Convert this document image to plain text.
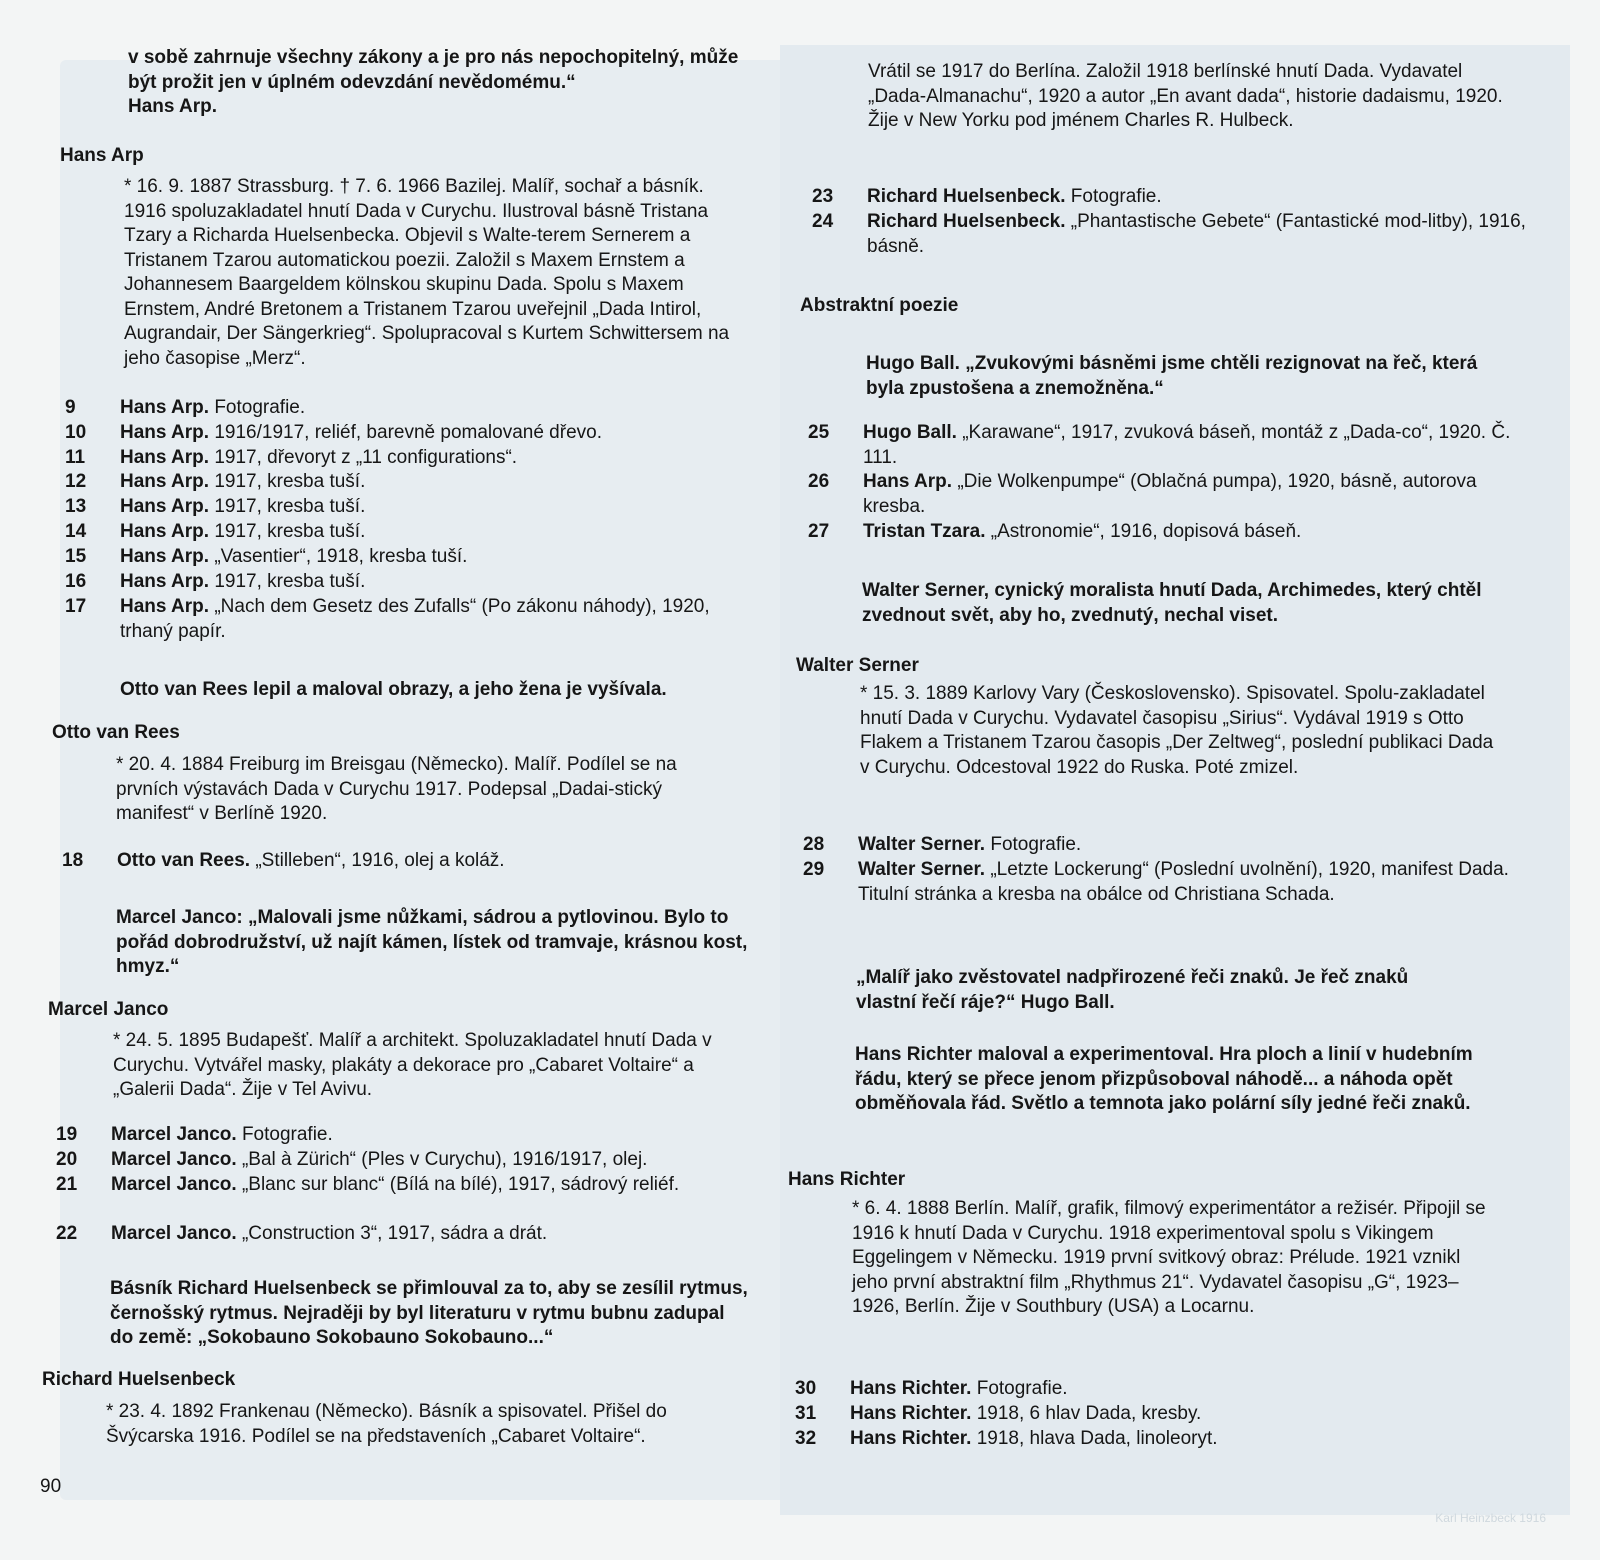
v sobě zahrnuje všechny zákony a je pro nás nepochopitelný, může být prožit jen v úplném odevzdání nevědomému.“
Hans Arp.
Hans Arp
* 16. 9. 1887 Strassburg. † 7. 6. 1966 Bazilej. Malíř, sochař a básník. 1916 spoluzakladatel hnutí Dada v Curychu. Ilustroval básně Tristana Tzary a Richarda Huelsenbecka. Objevil s Walte-terem Sernerem a Tristanem Tzarou automatickou poezii. Založil s Maxem Ernstem a Johannesem Baargeldem kölnskou skupinu Dada. Spolu s Maxem Ernstem, André Bretonem a Tristanem Tzarou uveřejnil „Dada Intirol, Augrandair, Der Sängerkrieg“. Spolupracoval s Kurtem Schwittersem na jeho časopise „Merz“.
9	Hans Arp. Fotografie.
10	Hans Arp. 1916/1917, reliéf, barevně pomalované dřevo.
11	Hans Arp. 1917, dřevoryt z „11 configurations“.
12	Hans Arp. 1917, kresba tuší.
13	Hans Arp. 1917, kresba tuší.
14	Hans Arp. 1917, kresba tuší.
15	Hans Arp. „Vasentier“, 1918, kresba tuší.
16	Hans Arp. 1917, kresba tuší.
17	Hans Arp. „Nach dem Gesetz des Zufalls“ (Po zákonu náhody), 1920, trhaný papír.
Otto van Rees lepil a maloval obrazy, a jeho žena je vyšívala.
Otto van Rees
* 20. 4. 1884 Freiburg im Breisgau (Německo). Malíř. Podílel se na prvních výstavách Dada v Curychu 1917. Podepsal „Dadai-stický manifest“ v Berlíně 1920.
18	Otto van Rees. „Stilleben“, 1916, olej a koláž.
Marcel Janco: „Malovali jsme nůžkami, sádrou a pytlovinou. Bylo to pořád dobrodružství, už najít kámen, lístek od tramvaje, krásnou kost, hmyz.“
Marcel Janco
* 24. 5. 1895 Budapešť. Malíř a architekt. Spoluzakladatel hnutí Dada v Curychu. Vytvářel masky, plakáty a dekorace pro „Cabaret Voltaire“ a „Galerii Dada“. Žije v Tel Avivu.
19	Marcel Janco. Fotografie.
20	Marcel Janco. „Bal à Zürich“ (Ples v Curychu), 1916/1917, olej.
21	Marcel Janco. „Blanc sur blanc“ (Bílá na bílé), 1917, sádrový reliéf.
22	Marcel Janco. „Construction 3“, 1917, sádra a drát.
Básník Richard Huelsenbeck se přimlouval za to, aby se zesílil rytmus, černošský rytmus. Nejraději by byl literaturu v rytmu bubnu zadupal do země: „Sokobauno Sokobauno Sokobauno...“
Richard Huelsenbeck
* 23. 4. 1892 Frankenau (Německo). Básník a spisovatel. Přišel do Švýcarska 1916. Podílel se na představeních „Cabaret Voltaire“.
Vrátil se 1917 do Berlína. Založil 1918 berlínské hnutí Dada. Vydavatel „Dada-Almanachu“, 1920 a autor „En avant dada“, historie dadaismu, 1920. Žije v New Yorku pod jménem Charles R. Hulbeck.
23	Richard Huelsenbeck. Fotografie.
24	Richard Huelsenbeck. „Phantastische Gebete“ (Fantastické mod-litby), 1916, básně.
Abstraktní poezie
Hugo Ball. „Zvukovými básněmi jsme chtěli rezignovat na řeč, která byla zpustošena a znemožněna.“
25	Hugo Ball. „Karawane“, 1917, zvuková báseň, montáž z „Dada-co“, 1920. Č. 111.
26	Hans Arp. „Die Wolkenpumpe“ (Oblačná pumpa), 1920, básně, autorova kresba.
27	Tristan Tzara. „Astronomie“, 1916, dopisová báseň.
Walter Serner, cynický moralista hnutí Dada, Archimedes, který chtěl zvednout svět, aby ho, zvednutý, nechal viset.
Walter Serner
* 15. 3. 1889 Karlovy Vary (Československo). Spisovatel. Spolu-zakladatel hnutí Dada v Curychu. Vydavatel časopisu „Sirius“. Vydával 1919 s Otto Flakem a Tristanem Tzarou časopis „Der Zeltweg“, poslední publikaci Dada v Curychu. Odcestoval 1922 do Ruska. Poté zmizel.
28	Walter Serner. Fotografie.
29	Walter Serner. „Letzte Lockerung“ (Poslední uvolnění), 1920, manifest Dada. Titulní stránka a kresba na obálce od Christiana Schada.
„Malíř jako zvěstovatel nadpřirozené řeči znaků. Je řeč znaků vlastní řečí ráje?“ Hugo Ball.
Hans Richter maloval a experimentoval. Hra ploch a linií v hudebním řádu, který se přece jenom přizpůsoboval náhodě... a náhoda opět obměňovala řád. Světlo a temnota jako polární síly jedné řeči znaků.
Hans Richter
* 6. 4. 1888 Berlín. Malíř, grafik, filmový experimentátor a režisér. Připojil se 1916 k hnutí Dada v Curychu. 1918 experimentoval spolu s Vikingem Eggelingem v Německu. 1919 první svitkový obraz: Prélude. 1921 vznikl jeho první abstraktní film „Rhythmus 21“. Vydavatel časopisu „G“, 1923–1926, Berlín. Žije v Southbury (USA) a Locarnu.
30	Hans Richter. Fotografie.
31	Hans Richter. 1918, 6 hlav Dada, kresby.
32	Hans Richter. 1918, hlava Dada, linoleoryt.
90
Karl Heinzbeck 1916
